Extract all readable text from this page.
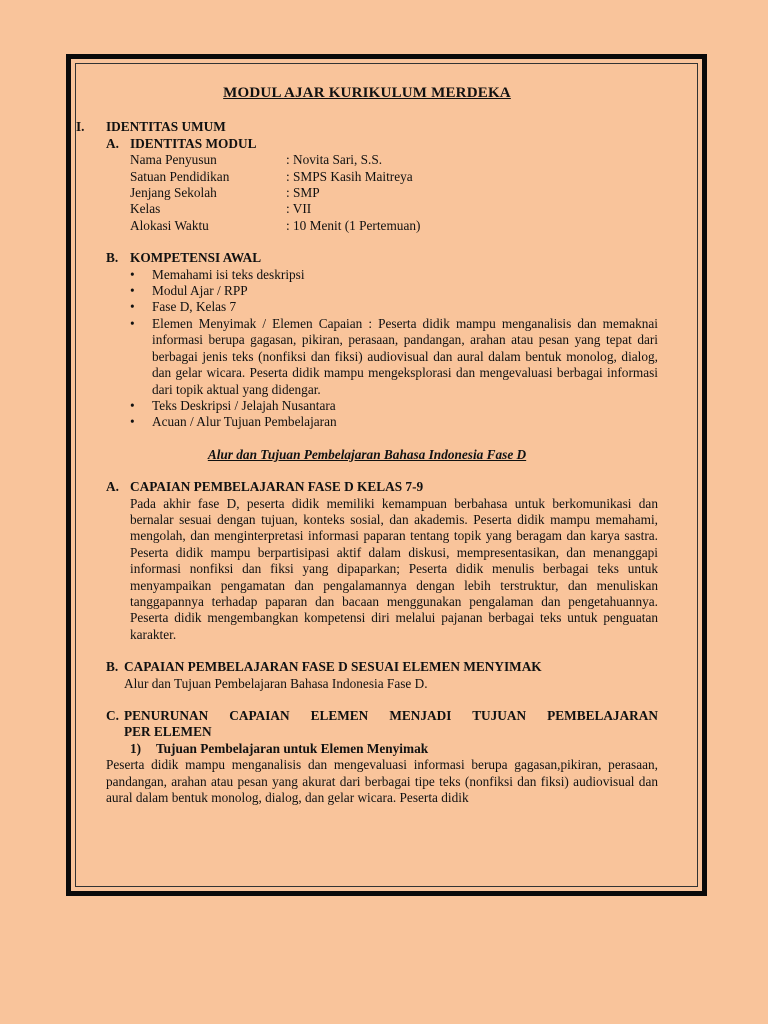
MODUL AJAR KURIKULUM MERDEKA
I.	IDENTITAS UMUM
A. IDENTITAS MODUL
Nama Penyusun	: Novita Sari, S.S.
Satuan Pendidikan	: SMPS Kasih Maitreya
Jenjang Sekolah	: SMP
Kelas	: VII
Alokasi Waktu	: 10 Menit (1 Pertemuan)
B. KOMPETENSI AWAL
•	Memahami isi teks deskripsi
•	Modul Ajar / RPP
•	Fase D, Kelas 7
•	Elemen Menyimak / Elemen Capaian : Peserta didik mampu menganalisis dan memaknai informasi berupa gagasan, pikiran, perasaan, pandangan, arahan atau pesan yang tepat dari berbagai jenis teks (nonfiksi dan fiksi) audiovisual dan aural dalam bentuk monolog, dialog, dan gelar wicara. Peserta didik mampu mengeksplorasi dan mengevaluasi berbagai informasi dari topik aktual yang didengar.
•	Teks Deskripsi / Jelajah Nusantara
•	Acuan / Alur Tujuan Pembelajaran
Alur dan Tujuan Pembelajaran Bahasa Indonesia Fase D
A. CAPAIAN PEMBELAJARAN FASE D KELAS 7-9
Pada akhir fase D, peserta didik memiliki kemampuan berbahasa untuk berkomunikasi dan bernalar sesuai dengan tujuan, konteks sosial, dan akademis. Peserta didik mampu memahami, mengolah, dan menginterpretasi informasi paparan tentang topik yang beragam dan karya sastra. Peserta didik mampu berpartisipasi aktif dalam diskusi, mempresentasikan, dan menanggapi informasi nonfiksi dan fiksi yang dipaparkan; Peserta didik menulis berbagai teks untuk menyampaikan pengamatan dan pengalamannya dengan lebih terstruktur, dan menuliskan tanggapannya terhadap paparan dan bacaan menggunakan pengalaman dan pengetahuannya. Peserta didik mengembangkan kompetensi diri melalui pajanan berbagai teks untuk penguatan karakter.
B. CAPAIAN PEMBELAJARAN FASE D SESUAI ELEMEN MENYIMAK
Alur dan Tujuan Pembelajaran Bahasa Indonesia Fase D.
C. PENURUNAN CAPAIAN ELEMEN MENJADI TUJUAN PEMBELAJARAN
PER ELEMEN
1)	Tujuan Pembelajaran untuk Elemen Menyimak
Peserta didik mampu menganalisis dan mengevaluasi informasi berupa gagasan,pikiran, perasaan, pandangan, arahan atau pesan yang akurat dari berbagai tipe teks (nonfiksi dan fiksi) audiovisual dan aural dalam bentuk monolog, dialog, dan gelar wicara. Peserta didik
